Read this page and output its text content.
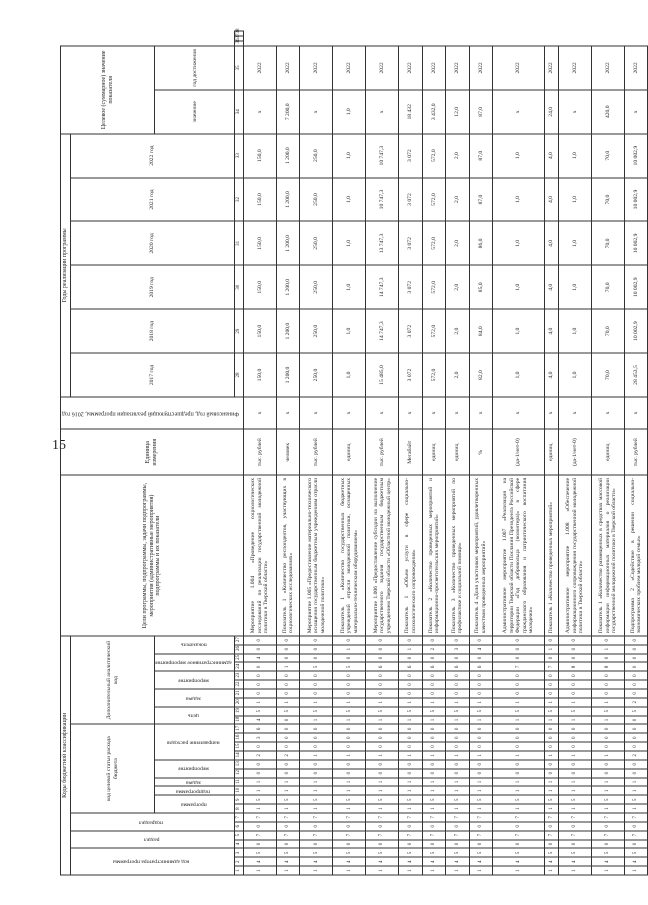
15
Коды бюджетной классификации																											Цели программы, подпрограммы, задачи подпрограммы, мероприятия (административные мероприятия) подпрограммы и их показатели	Единица измерения	Финансовый год, предшествующий реализации программы, 2016 год	Годы реализации программы						Целевое (суммарное) значение показателя				
код администратора программы			раздел		подраздел		код целевой статьи расхода бюджета										Дополнительный аналитический код													2017 год	2018 год	2019 год	2020 год	2021 год	2022 год					
							программа		подпрограмма	задача	мероприятие		направление расходов				цель		задача		мероприятие		административное мероприятие		показатель											значение	год достижения			
1	2	3	4	5	6	7	8	9	10	11	12	13	14	15	16	17	18	19	20	21	22	23	24	25	26	27				28	29	30	31	32	33	34	35	36	37	38
1	4	5	0	7	0	7	1	5	1	1	0	0	2	0	3	6	4	5	1	0	0	0	0	4	0	0	Мероприятие 1.004 «Проведение социологических исследований по реализации государственной молодежной политики в Тверской области»	тыс. рублей	х	150,0	150,0	150,0	150,0	150,0	150,0	х	2022			
1	4	5	0	7	0	7	1	5	1	1	0	0	2	0	0	0	0	5	1	0	0	0	1	0	0	0	Показатель 1 «Количество респондентов, участвующих в социологических исследованиях»	человек	х	1 200,0	1 200,0	1 200,0	1 200,0	1 200,0	1 200,0	7 200,0	2022			
1	4	5	0	7	0	7	1	5	1	1	0	0	1	0	0	0	1	5	1	0	0	0	5	0	0	0	Мероприятие 1.005 «Предоставление материально-технического оснащения государственным бюджетным учреждениям отрасли молодежной политики»	тыс. рублей	х	250,0	250,0	250,0	250,0	250,0	250,0	х	2022			
1	4	5	0	7	0	7	1	5	1	1	0	0	1	0	0	0	1	5	1	0	0	0	5	0	1	0	Показатель 1 «Количество государственных бюджетных учреждений отрасли молодежной политики, оснащенных материально-техническим оборудованием»	единиц	х	1,0	1,0	1,0	1,0	1,0	1,0	1,0	2022			
1	4	5	0	7	0	7	1	5	1	1	0	0	1	0	0	0	1	5	1	0	0	0	6	0	0	0	Мероприятие 1.006 «Предоставление субсидии на выполнение государственного задания государственным бюджетным учреждением Тверской области «Областной молодежный центр»	тыс. рублей	х	15 485,0	14 747,3	14 747,3	13 747,3	10 747,3	10 747,3	х	2022			
1	4	5	0	7	0	7	1	5	1	1	0	0	1	0	0	0	1	5	1	0	0	0	6	0	1	0	Показатель 1 «Объем услуги в сфере социально-психологического сопровождения»	Мегабайт	х	3 072	3 072	3 072	3 072	3 072	3 072	18 432	2022			
1	4	5	0	7	0	7	1	5	1	1	0	0	1	0	0	0	1	5	1	0	0	0	6	0	2	0	Показатель 2 «Количество проведенных мероприятий и информационно-просветительских мероприятий»	единиц	х	572,0	572,0	572,0	572,0	572,0	572,0	3 432,0	2022			
1	4	5	0	7	0	7	1	5	1	1	0	0	1	0	0	0	1	5	1	0	0	0	6	0	3	0	Показатель 3 «Количество проведенных мероприятий по профилактике и социальной помощи»	единиц	х	2,0	2,0	2,0	2,0	2,0	2,0	12,0	2022			
1	4	5	0	7	0	7	1	5	1	1	0	0	1	0	0	0	1	5	1	0	0	0	6	0	4	0	Показатель 4 «Доля участников мероприятий, удовлетворенных качеством проведенных мероприятий»	%	х	82,0	84,0	85,0	86,0	87,0	87,0	87,0	2022			
1	4	5	0	7	0	7	1	5	1	1	0	0	1	0	0	0	1	5	1	0	0	0	7	0	0	0	Административное мероприятие 1.007 «Реализация на территории Тверской области Послания Президента Российской Федерации «Год добровольца (волонтера)» в сфере гражданского образования и патриотического воспитания молодежи»	(да-1/нет-0)	х	1,0	1,0	1,0	1,0	1,0	1,0	х	2022			
1	4	5	0	7	0	7	1	5	1	1	0	0	1	0	0	0	1	5	1	0	0	0	7	0	1	0	Показатель 1 «Количество проведенных мероприятий»	единиц	х	4,0	4,0	4,0	4,0	4,0	4,0	24,0	2022			
1	4	5	0	7	0	7	1	5	1	1	0	0	1	0	0	0	1	5	1	0	0	0	8	0	0	0	Административное мероприятие 1.008 «Обеспечение информационного сопровождения государственной молодежной политики в Тверской области»	(да-1/нет-0)	х	1,0	1,0	1,0	1,0	1,0	1,0	х	2022			
1	4	5	0	7	0	7	1	5	1	1	0	0	1	0	0	0	1	5	1	0	0	0	8	0	1	0	Показатель 1 «Количество размещенных в средствах массовой информации информационных материалов о реализации государственной молодежной политики в Тверской области»	единиц	х	70,0	70,0	70,0	70,0	70,0	70,0	420,0	2022			
1	4	5	0	7	0	7	1	5	1	1	0	0	2	0	0	0	0	5	2	0	0	0	0	0	0	0	Подпрограмма 2 «Содействие в решении социально-экономических проблем молодой семьи»	тыс. рублей	х	28 453,5	10 002,9	10 002,9	10 002,9	10 002,9	10 002,9	х	2022			
